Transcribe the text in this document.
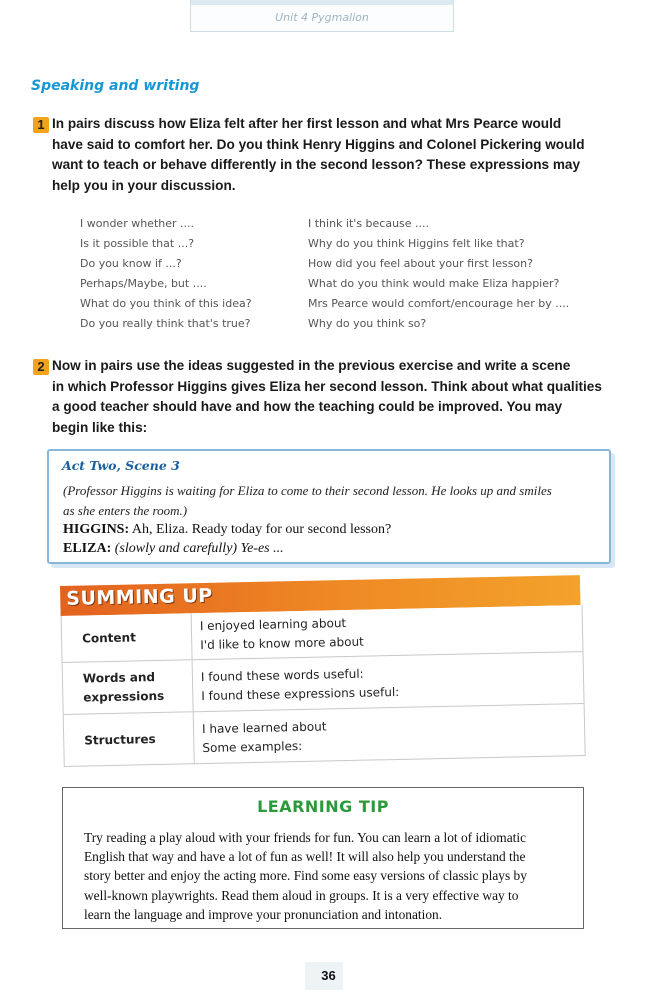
Unit 4 Pygmalion
Speaking and writing
1 In pairs discuss how Eliza felt after her first lesson and what Mrs Pearce would
have said to comfort her. Do you think Henry Higgins and Colonel Pickering would
want to teach or behave differently in the second lesson? These expressions may
help you in your discussion.
I wonder whether ....
Is it possible that ...?
Do you know if ...?
Perhaps/Maybe, but ....
What do you think of this idea?
Do you really think that's true?
I think it's because ....
Why do you think Higgins felt like that?
How did you feel about your first lesson?
What do you think would make Eliza happier?
Mrs Pearce would comfort/encourage her by ....
Why do you think so?
2 Now in pairs use the ideas suggested in the previous exercise and write a scene
in which Professor Higgins gives Eliza her second lesson. Think about what qualities
a good teacher should have and how the teaching could be improved. You may
begin like this:
Act Two, Scene 3
(Professor Higgins is waiting for Eliza to come to their second lesson. He looks up and smiles
as she enters the room.)
HIGGINS: Ah, Eliza. Ready today for our second lesson?
ELIZA: (slowly and carefully) Ye-es ...
SUMMING UP
Content
I enjoyed learning about
I'd like to know more about
Words and
expressions
I found these words useful:
I found these expressions useful:
Structures
I have learned about
Some examples:
LEARNING TIP
Try reading a play aloud with your friends for fun. You can learn a lot of idiomatic
English that way and have a lot of fun as well! It will also help you understand the
story better and enjoy the acting more. Find some easy versions of classic plays by
well-known playwrights. Read them aloud in groups. It is a very effective way to
learn the language and improve your pronunciation and intonation.
36
